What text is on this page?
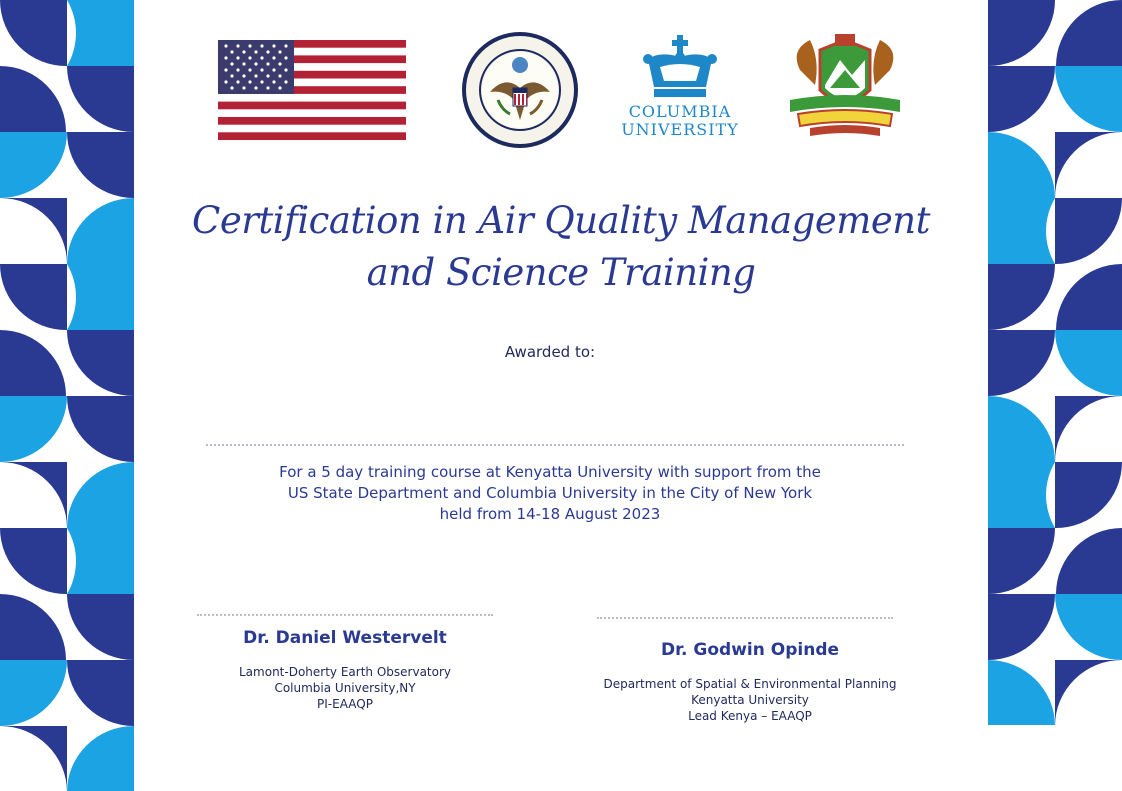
COLUMBIA
UNIVERSITY
Certification in Air Quality Management
and Science Training
Awarded to:
For a 5 day training course at Kenyatta University with support from the
US State Department and Columbia University in the City of New York
held from 14-18 August 2023
Dr. Daniel Westervelt
Lamont-Doherty Earth Observatory
Columbia University,NY
PI-EAAQP
Dr. Godwin Opinde
Department of Spatial & Environmental Planning
Kenyatta University
Lead Kenya – EAAQP
